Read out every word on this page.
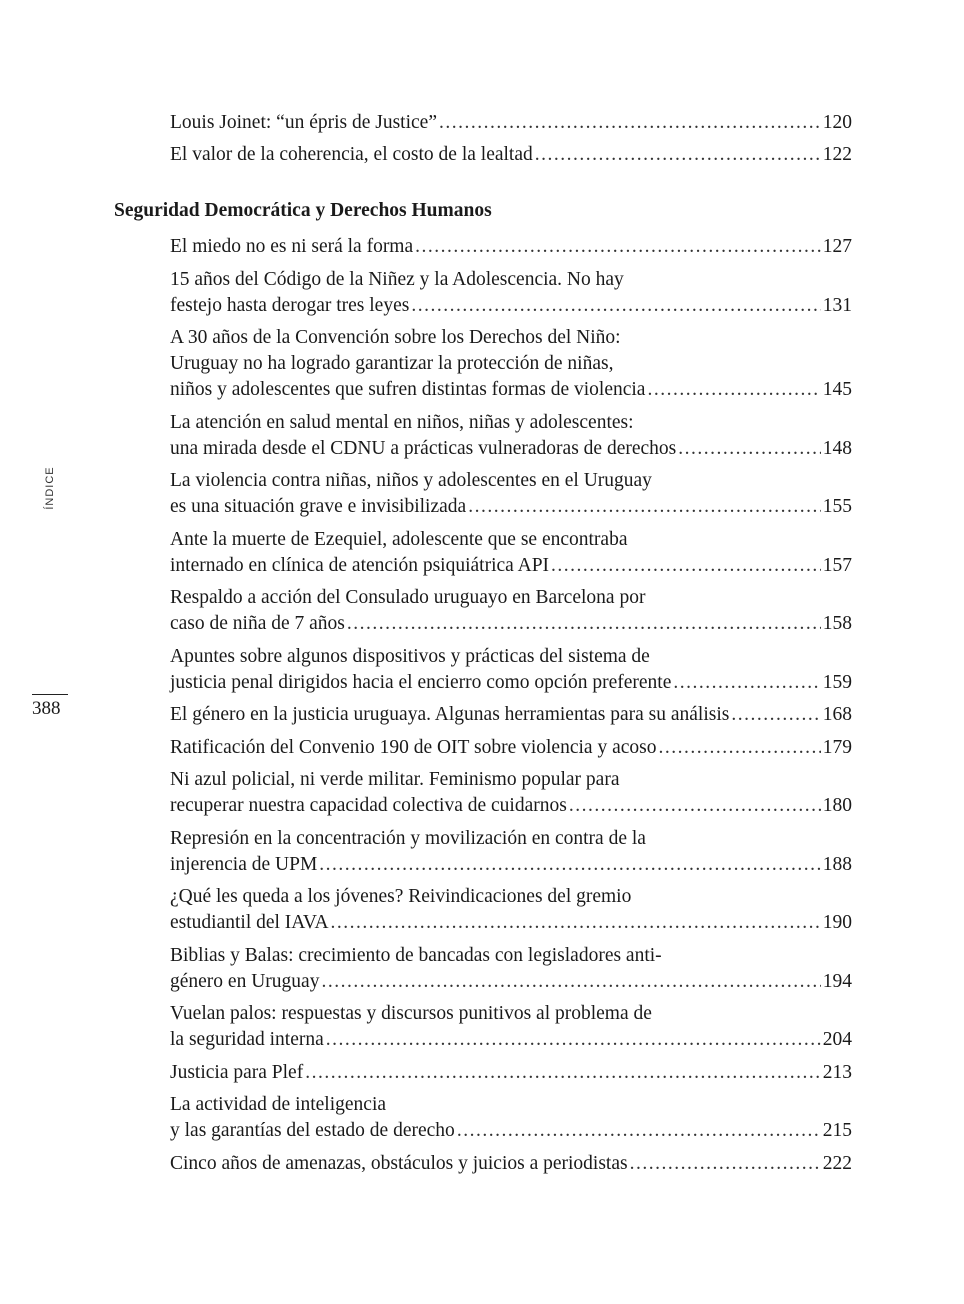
ÍNDICE
388
Seguridad Democrática y Derechos Humanos
Louis Joinet: “un épris de Justice” .....	120
El valor de la coherencia, el costo de la lealtad .....	122
El miedo no es ni será la forma .....	127
15 años del Código de la Niñez y la Adolescencia. No hay
festejo hasta derogar tres leyes .....	131
A 30 años de la Convención sobre los Derechos del Niño:
Uruguay no ha logrado garantizar la protección de niñas,
niños y adolescentes que sufren distintas formas de violencia .....	145
La atención en salud mental en niños, niñas y adolescentes:
una mirada desde el CDNU a prácticas vulneradoras de derechos .....	148
La violencia contra niñas, niños y adolescentes en el Uruguay
es una situación grave e invisibilizada .....	155
Ante la muerte de Ezequiel, adolescente que se encontraba
internado en clínica de atención psiquiátrica API .....	157
Respaldo a acción del Consulado uruguayo en Barcelona por
caso de niña de 7 años .....	158
Apuntes sobre algunos dispositivos y prácticas del sistema de
justicia penal dirigidos hacia el encierro como opción preferente .....	159
El género en la justicia uruguaya. Algunas herramientas para su análisis .....	168
Ratificación del Convenio 190 de OIT sobre violencia y acoso .....	179
Ni azul policial, ni verde militar. Feminismo popular para
recuperar nuestra capacidad colectiva de cuidarnos .....	180
Represión en la concentración y movilización en contra de la
injerencia de UPM .....	188
¿Qué les queda a los jóvenes? Reivindicaciones del gremio
estudiantil del IAVA .....	190
Biblias y Balas: crecimiento de bancadas con legisladores anti-
género en Uruguay .....	194
Vuelan palos: respuestas y discursos punitivos al problema de
la seguridad interna .....	204
Justicia para Plef .....	213
La actividad de inteligencia
y las garantías del estado de derecho .....	215
Cinco años de amenazas, obstáculos y juicios a periodistas .....	222
